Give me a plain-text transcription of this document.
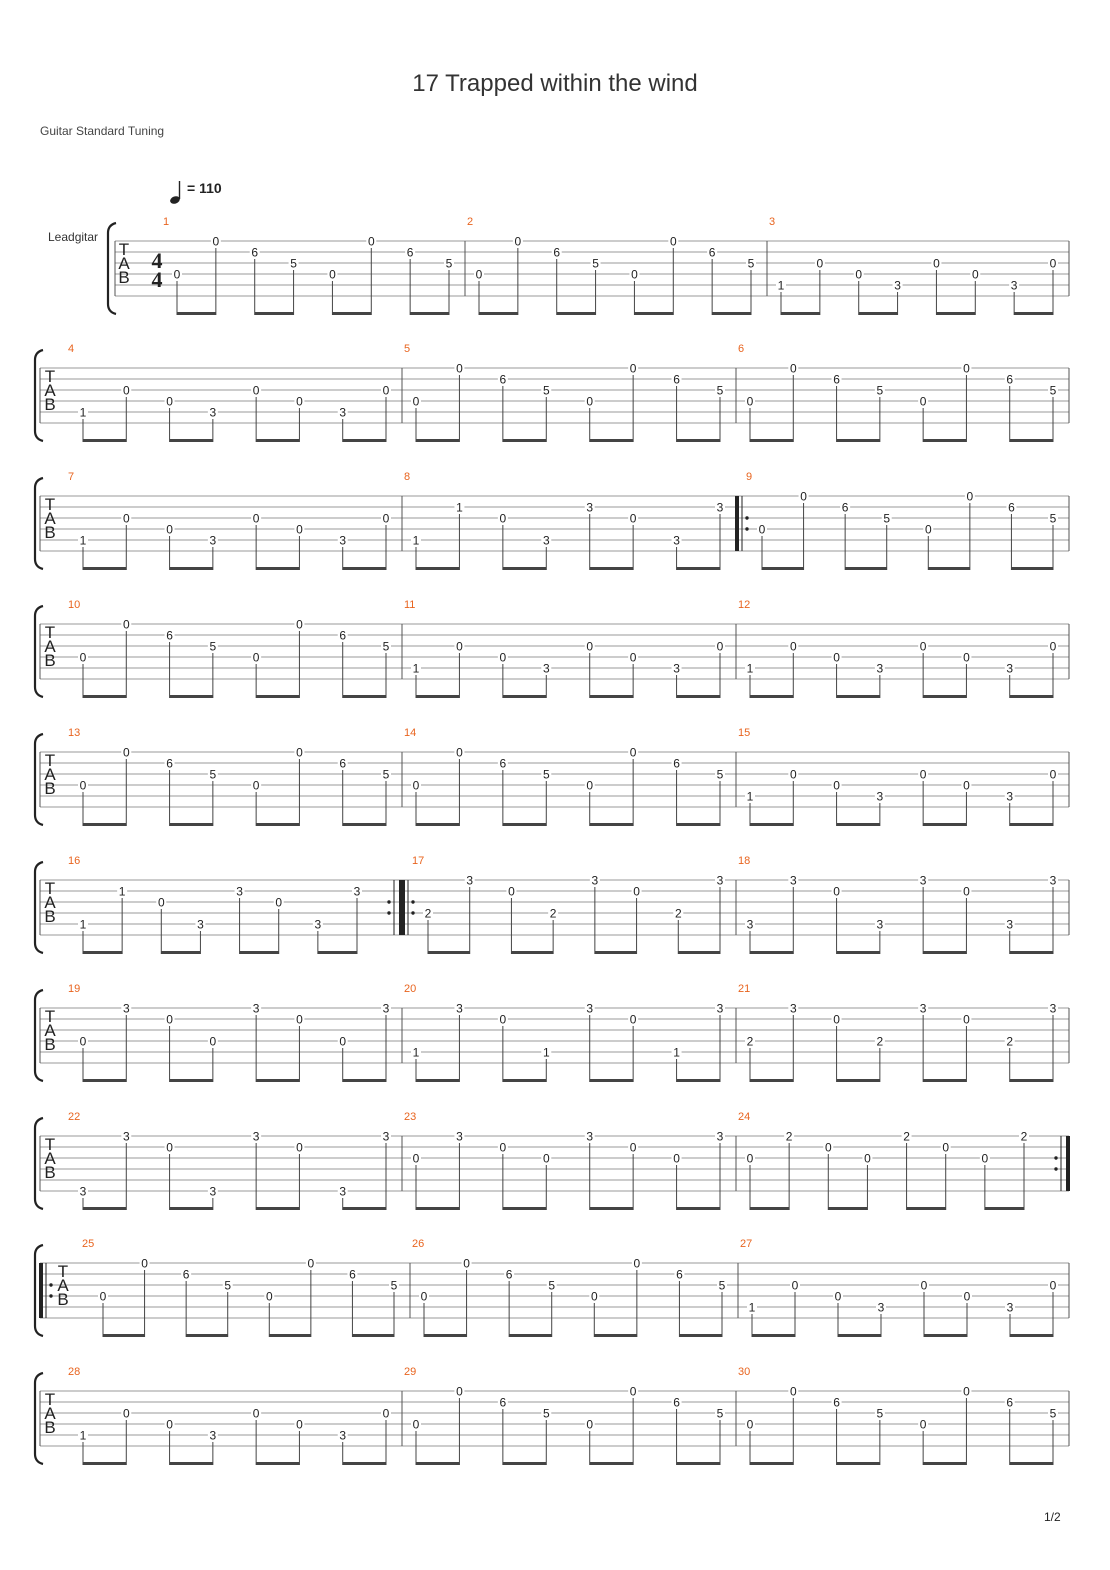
17 Trapped within the wind
Guitar Standard Tuning
1/2
T
A
B
4
4
Leadgitar
= 110
1
0
0
6
5
0
0
6
5
2
0
0
6
5
0
0
6
5
3
1
0
0
3
0
0
3
0
T
A
B
4
1
0
0
3
0
0
3
0
5
0
0
6
5
0
0
6
5
6
0
0
6
5
0
0
6
5
T
A
B
7
1
0
0
3
0
0
3
0
8
1
1
0
3
3
0
3
3
9
0
0
6
5
0
0
6
5
T
A
B
10
0
0
6
5
0
0
6
5
11
1
0
0
3
0
0
3
0
12
1
0
0
3
0
0
3
0
T
A
B
13
0
0
6
5
0
0
6
5
14
0
0
6
5
0
0
6
5
15
1
0
0
3
0
0
3
0
T
A
B
16
1
1
0
3
3
0
3
3
17
2
3
0
2
3
0
2
3
18
3
3
0
3
3
0
3
3
T
A
B
19
0
3
0
0
3
0
0
3
20
1
3
0
1
3
0
1
3
21
2
3
0
2
3
0
2
3
T
A
B
22
3
3
0
3
3
0
3
3
23
0
3
0
0
3
0
0
3
24
0
2
0
0
2
0
0
2
T
A
B
25
0
0
6
5
0
0
6
5
26
0
0
6
5
0
0
6
5
27
1
0
0
3
0
0
3
0
T
A
B
28
1
0
0
3
0
0
3
0
29
0
0
6
5
0
0
6
5
30
0
0
6
5
0
0
6
5
